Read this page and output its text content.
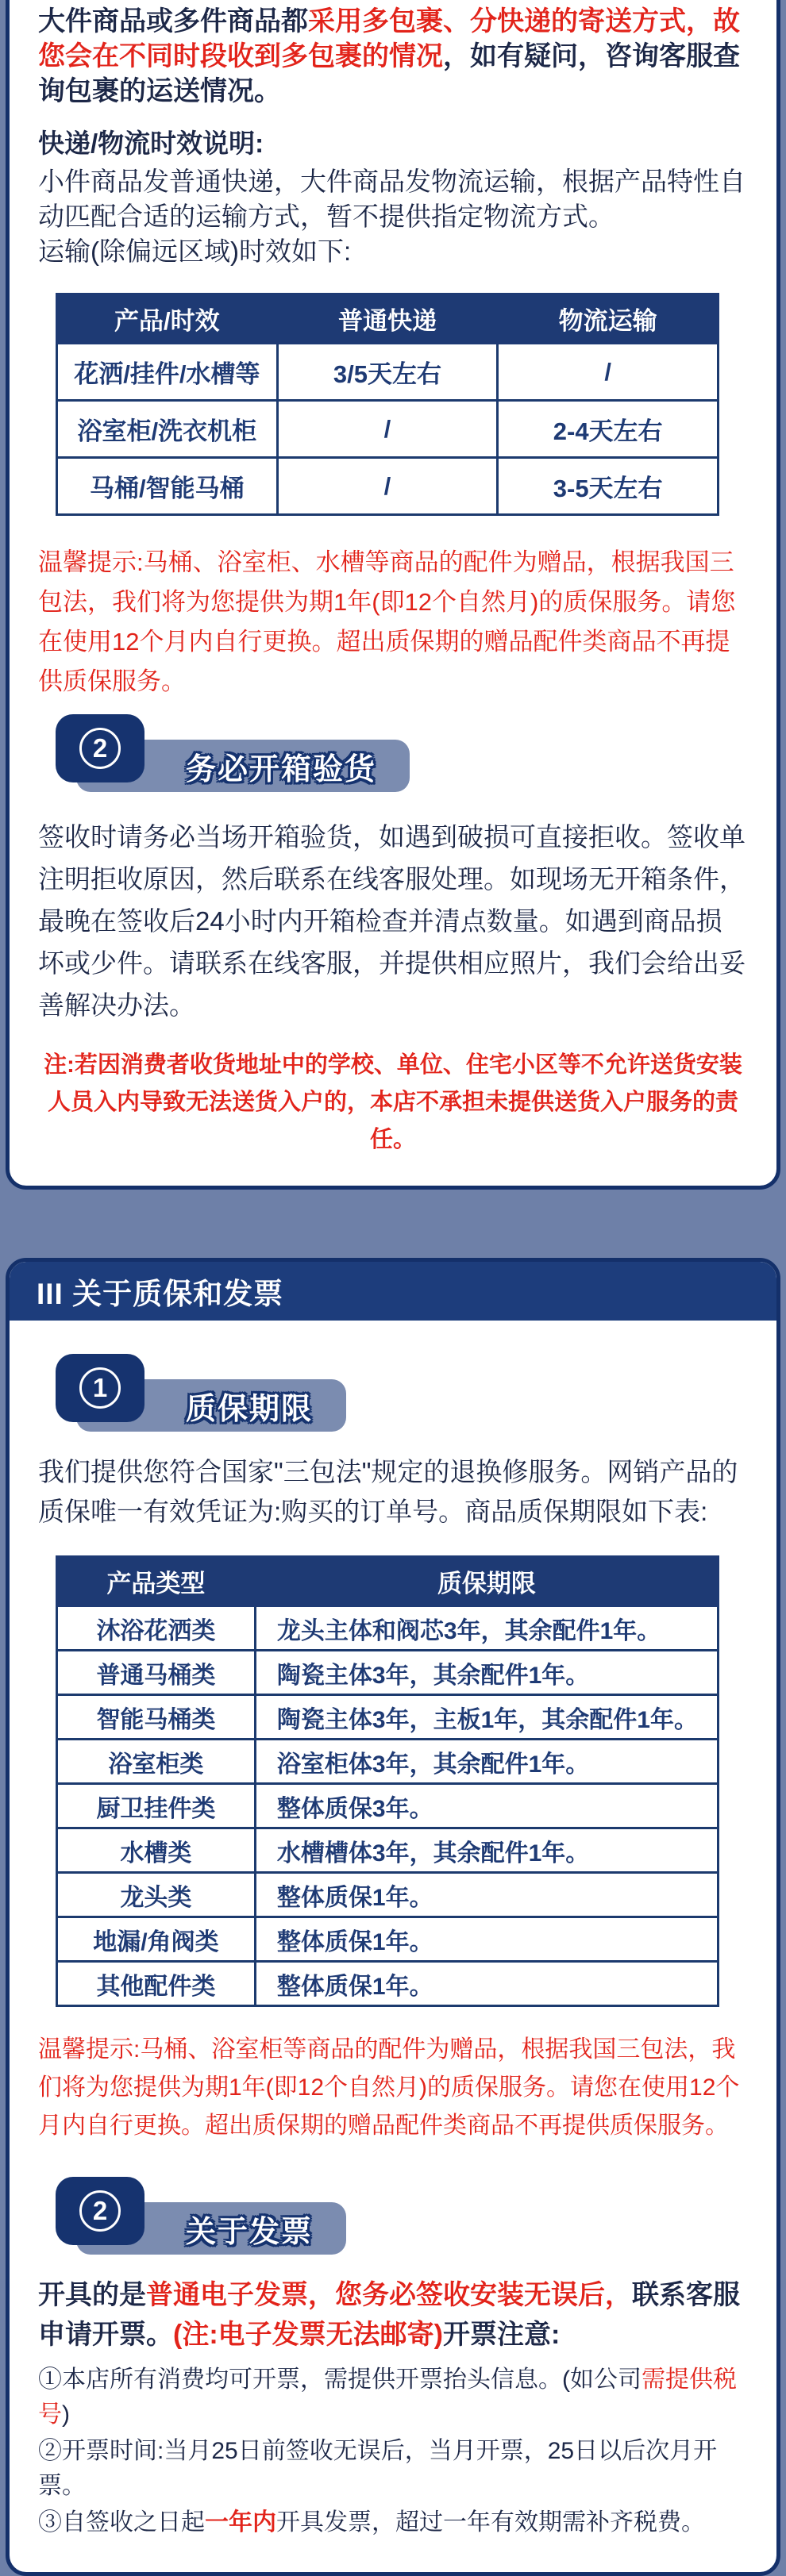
大件商品或多件商品都采用多包裹、分快递的寄送方式，故您会在不同时段收到多包裹的情况，如有疑问，咨询客服查询包裹的运送情况。

快递/物流时效说明:

小件商品发普通快递，大件商品发物流运输，根据产品特性自动匹配合适的运输方式，暂不提供指定物流方式。

运输(除偏远区域)时效如下:

产品/时效	普通快递	物流运输
花洒/挂件/水槽等	3/5天左右	/
浴室柜/洗衣机柜	/	2-4天左右
马桶/智能马桶	/	3-5天左右

温馨提示:马桶、浴室柜、水槽等商品的配件为赠品，根据我国三包法，我们将为您提供为期1年(即12个自然月)的质保服务。请您在使用12个月内自行更换。超出质保期的赠品配件类商品不再提供质保服务。

务必开箱验货
2

签收时请务必当场开箱验货，如遇到破损可直接拒收。签收单注明拒收原因，然后联系在线客服处理。如现场无开箱条件，最晚在签收后24小时内开箱检查并清点数量。如遇到商品损坏或少件。请联系在线客服，并提供相应照片，我们会给出妥善解决办法。

注:若因消费者收货地址中的学校、单位、住宅小区等不允许送货安装人员入内导致无法送货入户的，本店不承担未提供送货入户服务的责任。

III 关于质保和发票
质保期限
1

我们提供您符合国家"三包法"规定的退换修服务。网销产品的质保唯一有效凭证为:购买的订单号。商品质保期限如下表:

产品类型	质保期限
沐浴花洒类	龙头主体和阀芯3年，其余配件1年。
普通马桶类	陶瓷主体3年，其余配件1年。
智能马桶类	陶瓷主体3年，主板1年，其余配件1年。
浴室柜类	浴室柜体3年，其余配件1年。
厨卫挂件类	整体质保3年。
水槽类	水槽槽体3年，其余配件1年。
龙头类	整体质保1年。
地漏/角阀类	整体质保1年。
其他配件类	整体质保1年。

温馨提示:马桶、浴室柜等商品的配件为赠品，根据我国三包法，我们将为您提供为期1年(即12个自然月)的质保服务。请您在使用12个月内自行更换。超出质保期的赠品配件类商品不再提供质保服务。

关于发票
2

开具的是普通电子发票，您务必签收安装无误后，联系客服申请开票。(注:电子发票无法邮寄)开票注意:

①本店所有消费均可开票，需提供开票抬头信息。(如公司需提供税号)

②开票时间:当月25日前签收无误后，当月开票，25日以后次月开票。

③自签收之日起一年内开具发票，超过一年有效期需补齐税费。
